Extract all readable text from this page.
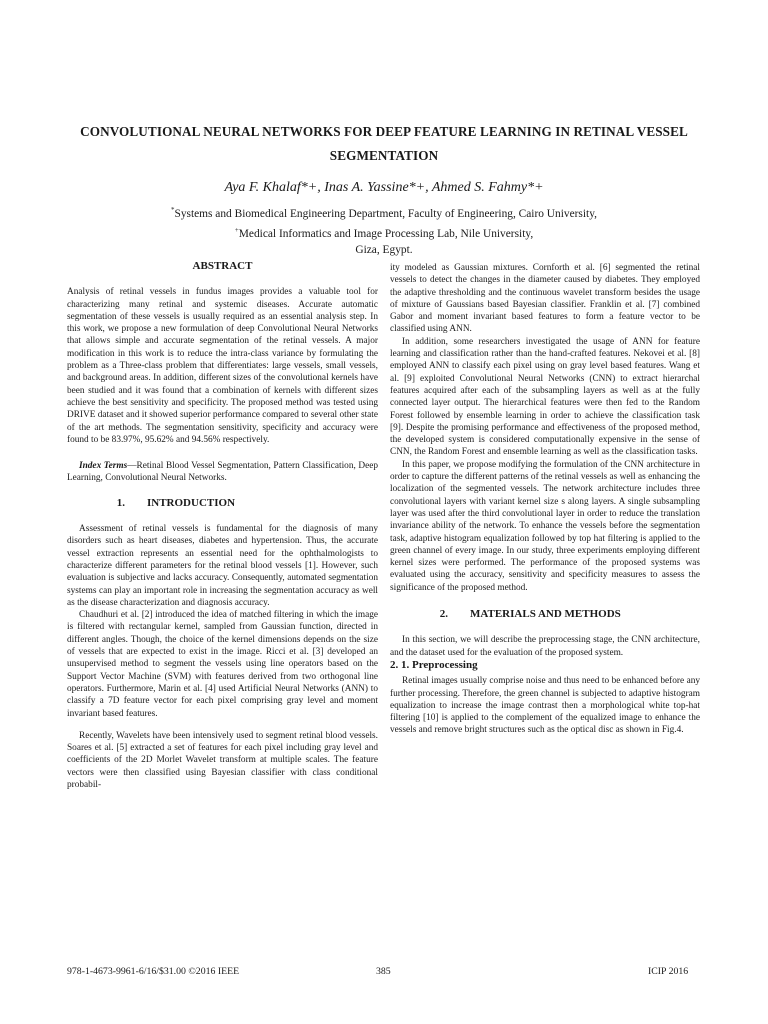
CONVOLUTIONAL NEURAL NETWORKS FOR DEEP FEATURE LEARNING IN RETINAL VESSEL SEGMENTATION
Aya F. Khalaf*+, Inas A. Yassine*+, Ahmed S. Fahmy*+
*Systems and Biomedical Engineering Department, Faculty of Engineering, Cairo University,
+Medical Informatics and Image Processing Lab, Nile University,
Giza, Egypt.

ABSTRACT

Analysis of retinal vessels in fundus images provides a valuable tool for characterizing many retinal and systemic diseases. Accurate automatic segmentation of these vessels is usually required as an essential analysis step. In this work, we propose a new formulation of deep Convolutional Neural Networks that allows simple and accurate segmentation of the retinal vessels. A major modification in this work is to reduce the intra-class variance by formulating the problem as a Three-class problem that differentiates: large vessels, small vessels, and background areas. In addition, different sizes of the convolutional kernels have been studied and it was found that a combination of kernels with different sizes achieve the best sensitivity and specificity. The proposed method was tested using DRIVE dataset and it showed superior performance compared to several other state of the art methods. The segmentation sensitivity, specificity and accuracy were found to be 83.97%, 95.62% and 94.56% respectively.

Index Terms—Retinal Blood Vessel Segmentation, Pattern Classification, Deep Learning, Convolutional Neural Networks.

1. INTRODUCTION

Assessment of retinal vessels is fundamental for the diagnosis of many disorders such as heart diseases, diabetes and hypertension. Thus, the accurate vessel extraction represents an essential need for the ophthalmologists to characterize different parameters for the retinal blood vessels [1]. However, such evaluation is subjective and lacks accuracy. Consequently, automated segmentation systems can play an important role in increasing the segmentation accuracy as well as the disease characterization and diagnosis accuracy.

Chaudhuri et al. [2] introduced the idea of matched filtering in which the image is filtered with rectangular kernel, sampled from Gaussian function, directed in different angles. Though, the choice of the kernel dimensions depends on the size of vessels that are expected to exist in the image. Ricci et al. [3] developed an unsupervised method to segment the vessels using line operators based on the Support Vector Machine (SVM) with features derived from two orthogonal line operators. Furthermore, Marin et al. [4] used Artificial Neural Networks (ANN) to classify a 7D feature vector for each pixel comprising gray level and moment invariant based features.

Recently, Wavelets have been intensively used to segment retinal blood vessels. Soares et al. [5] extracted a set of features for each pixel including gray level and coefficients of the 2D Morlet Wavelet transform at multiple scales. The feature vectors were then classified using Bayesian classifier with class conditional probabil-

ity modeled as Gaussian mixtures. Cornforth et al. [6] segmented the retinal vessels to detect the changes in the diameter caused by diabetes. They employed the adaptive thresholding and the continuous wavelet transform besides the usage of mixture of Gaussians based Bayesian classifier. Franklin et al. [7] combined Gabor and moment invariant based features to form a feature vector to be classified using ANN.

In addition, some researchers investigated the usage of ANN for feature learning and classification rather than the hand-crafted features. Nekovei et al. [8] employed ANN to classify each pixel using on gray level based features. Wang et al. [9] exploited Convolutional Neural Networks (CNN) to extract hierarchal features acquired after each of the subsampling layers as well as at the fully connected layer output. The hierarchical features were then fed to the Random Forest followed by ensemble learning in order to achieve the classification task [9]. Despite the promising performance and effectiveness of the proposed method, the developed system is considered computationally expensive in the sense of CNN, the Random Forest and ensemble learning as well as the classification tasks.

In this paper, we propose modifying the formulation of the CNN architecture in order to capture the different patterns of the retinal vessels as well as enhancing the localization of the segmented vessels. The network architecture includes three convolutional layers with variant kernel size s along layers. A single subsampling layer was used after the third convolutional layer in order to reduce the translation invariance ability of the network. To enhance the vessels before the segmentation task, adaptive histogram equalization followed by top hat filtering is applied to the green channel of every image. In our study, three experiments employing different kernel sizes were performed. The performance of the proposed systems was evaluated using the accuracy, sensitivity and specificity measures to assess the significance of the proposed method.

2. MATERIALS AND METHODS

In this section, we will describe the preprocessing stage, the CNN architecture, and the dataset used for the evaluation of the proposed system.

2. 1. Preprocessing

Retinal images usually comprise noise and thus need to be enhanced before any further processing. Therefore, the green channel is subjected to adaptive histogram equalization to increase the image contrast then a morphological white top-hat filtering [10] is applied to the complement of the equalized image to enhance the vessels and remove bright structures such as the optical disc as shown in Fig.4.

978-1-4673-9961-6/16/$31.00 ©2016 IEEE	385	ICIP 2016
